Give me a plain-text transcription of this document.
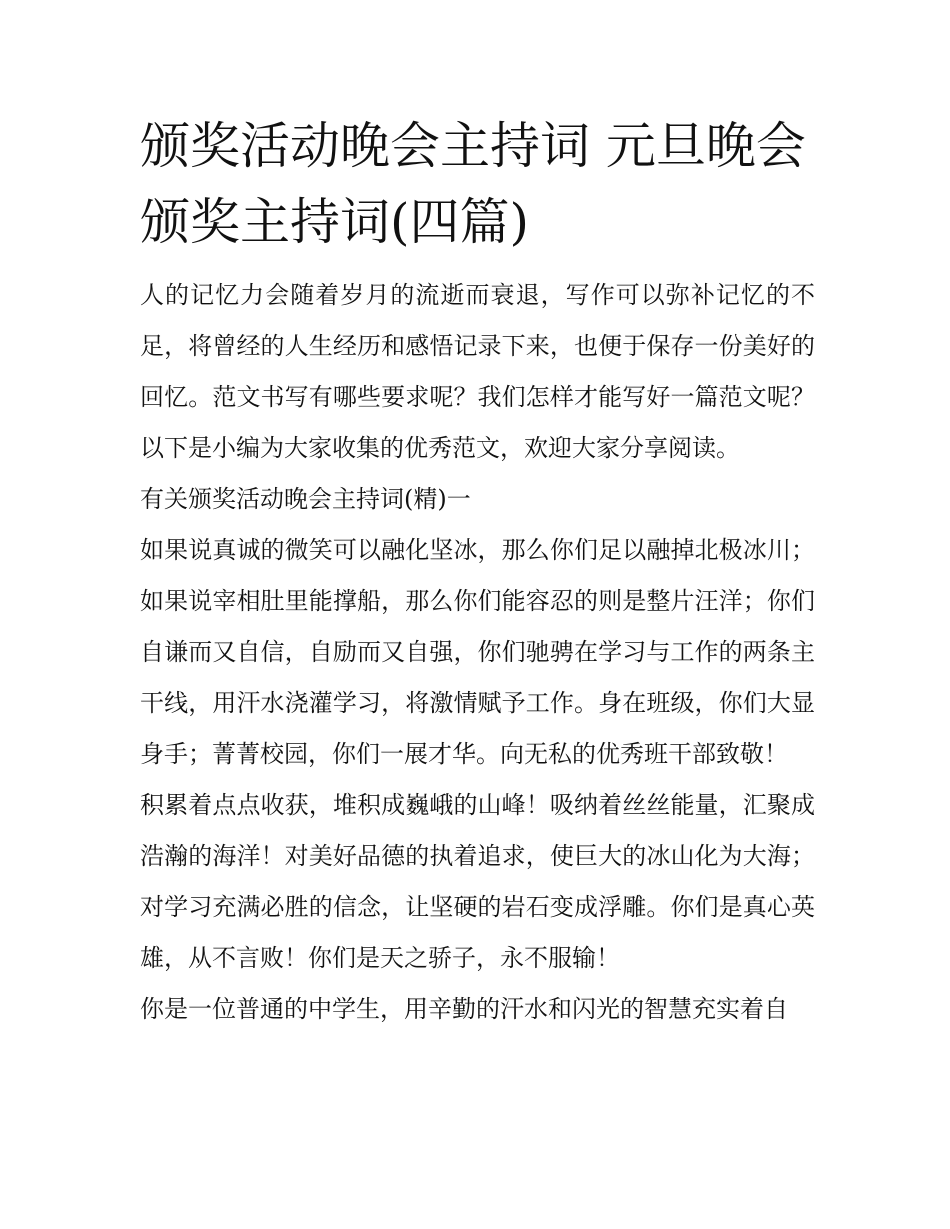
颁奖活动晚会主持词 元旦晚会颁奖主持词(四篇)

人的记忆力会随着岁月的流逝而衰退，写作可以弥补记忆的不足，将曾经的人生经历和感悟记录下来，也便于保存一份美好的回忆。范文书写有哪些要求呢？我们怎样才能写好一篇范文呢？以下是小编为大家收集的优秀范文，欢迎大家分享阅读。

有关颁奖活动晚会主持词(精)一

如果说真诚的微笑可以融化坚冰，那么你们足以融掉北极冰川；如果说宰相肚里能撑船，那么你们能容忍的则是整片汪洋；你们自谦而又自信，自励而又自强，你们驰骋在学习与工作的两条主干线，用汗水浇灌学习，将激情赋予工作。身在班级，你们大显身手；菁菁校园，你们一展才华。向无私的优秀班干部致敬！

积累着点点收获，堆积成巍峨的山峰！吸纳着丝丝能量，汇聚成浩瀚的海洋！对美好品德的执着追求，使巨大的冰山化为大海；对学习充满必胜的信念，让坚硬的岩石变成浮雕。你们是真心英雄，从不言败！你们是天之骄子，永不服输！

你是一位普通的中学生，用辛勤的汗水和闪光的智慧充实着自
